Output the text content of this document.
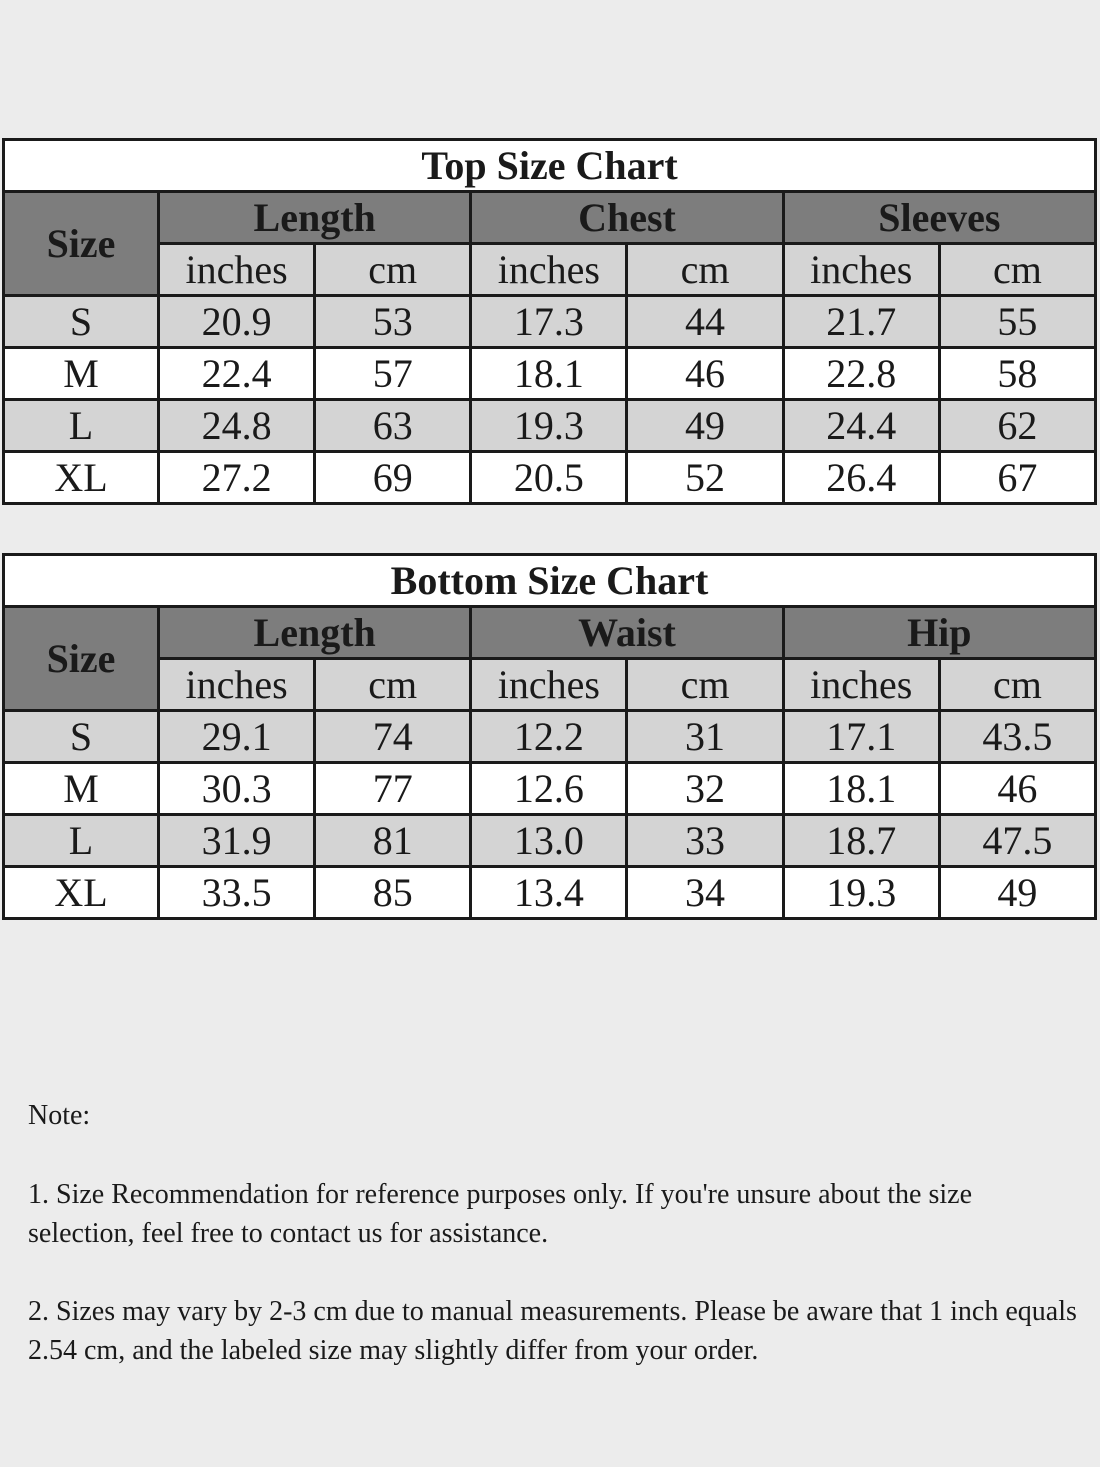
Top Size Chart						
Size	Length		Chest		Sleeves	
	inches	cm	inches	cm	inches	cm
S	20.9	53	17.3	44	21.7	55
M	22.4	57	18.1	46	22.8	58
L	24.8	63	19.3	49	24.4	62
XL	27.2	69	20.5	52	26.4	67
Bottom Size Chart						
Size	Length		Waist		Hip	
	inches	cm	inches	cm	inches	cm
S	29.1	74	12.2	31	17.1	43.5
M	30.3	77	12.6	32	18.1	46
L	31.9	81	13.0	33	18.7	47.5
XL	33.5	85	13.4	34	19.3	49

Note:

1. Size Recommendation for reference purposes only. If you're unsure about the size selection, feel free to contact us for assistance.

2. Sizes may vary by 2-3 cm due to manual measurements. Please be aware that 1 inch equals 2.54 cm, and the labeled size may slightly differ from your order.
